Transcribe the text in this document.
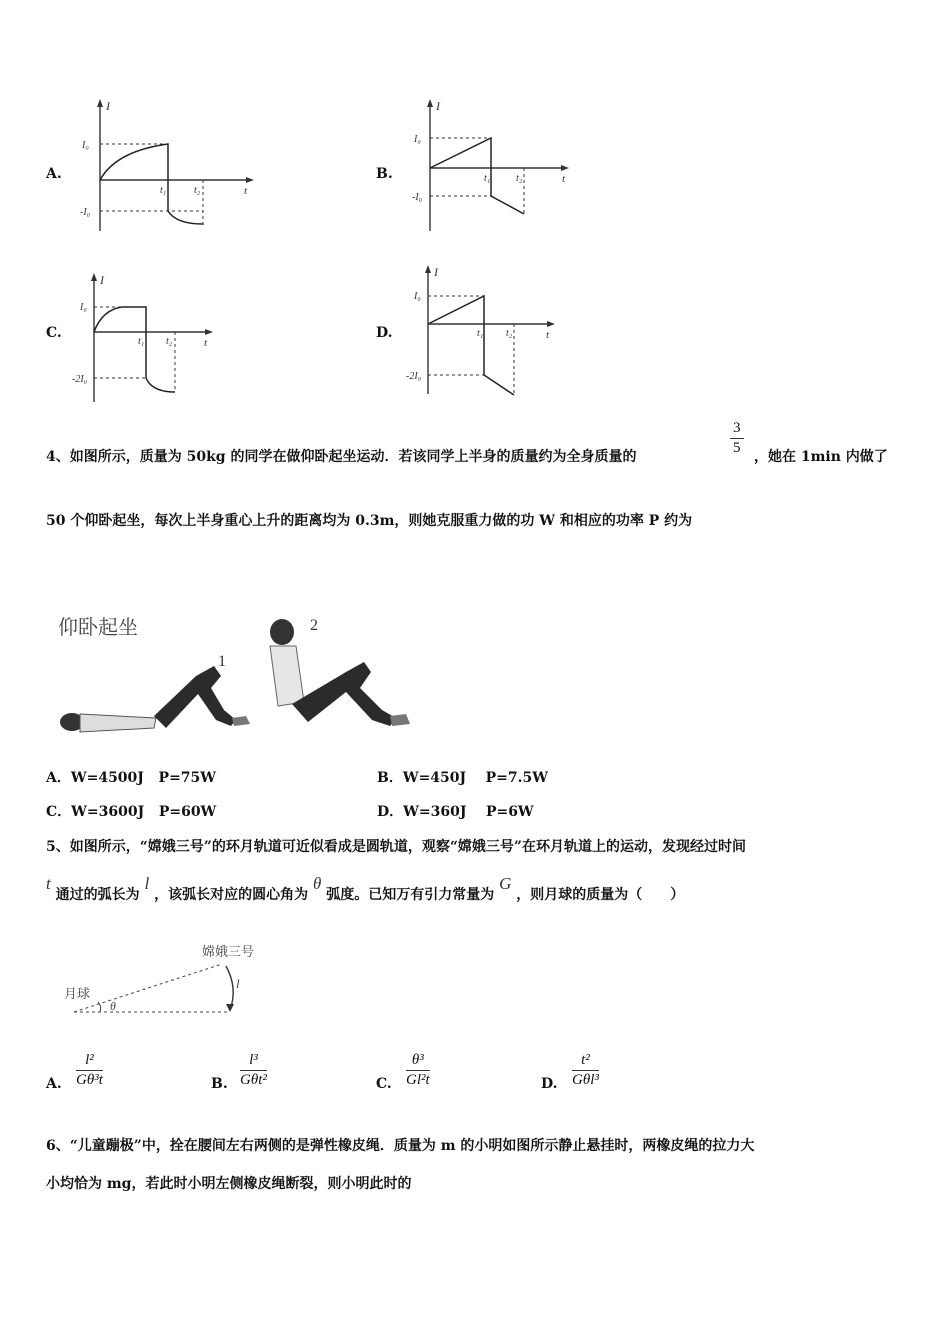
A.
I
I₀
-I₀
t₁	t₂	t
B.
I
I₀
-I₀
t₁	t₂	t
C.
I
I₀
-2I₀
t₁ t₂	t
D.
I
I₀
-2I₀
t₁ t₂	t
4、如图所示，质量为 50kg 的同学在做仰卧起坐运动．若该同学上半身的质量约为全身质量的	$\frac{3}{5}$ ，她在 1min 内做了
50 个仰卧起坐，每次上半身重心上升的距离均为 0.3m，则她克服重力做的功 W 和相应的功率 P 约为
仰卧起坐
1
2
A．W=4500J   P=75W	B．W=450J    P=7.5W
C．W=3600J   P=60W	D．W=360J    P=6W
5、如图所示，“嫦娥三号”的环月轨道可近似看成是圆轨道，观察“嫦娥三号”在环月轨道上的运动，发现经过时间
t 通过的弧长为 l ，该弧长对应的圆心角为 θ 弧度。已知万有引力常量为 G ，则月球的质量为（　　）
月球
嫦娥三号
θ
l
A. $\frac{\text{l²}}{\text{Gθ³t}}$	B.
l³
Gθt²	C. $\frac{\text{θ³}}{\text{Gl²t}}$	D.
t²
Gθl³
6、“儿童蹦极”中，拴在腰间左右两侧的是弹性橡皮绳．质量为 m 的小明如图所示静止悬挂时，两橡皮绳的拉力大
小均恰为 mg，若此时小明左侧橡皮绳断裂，则小明此时的
